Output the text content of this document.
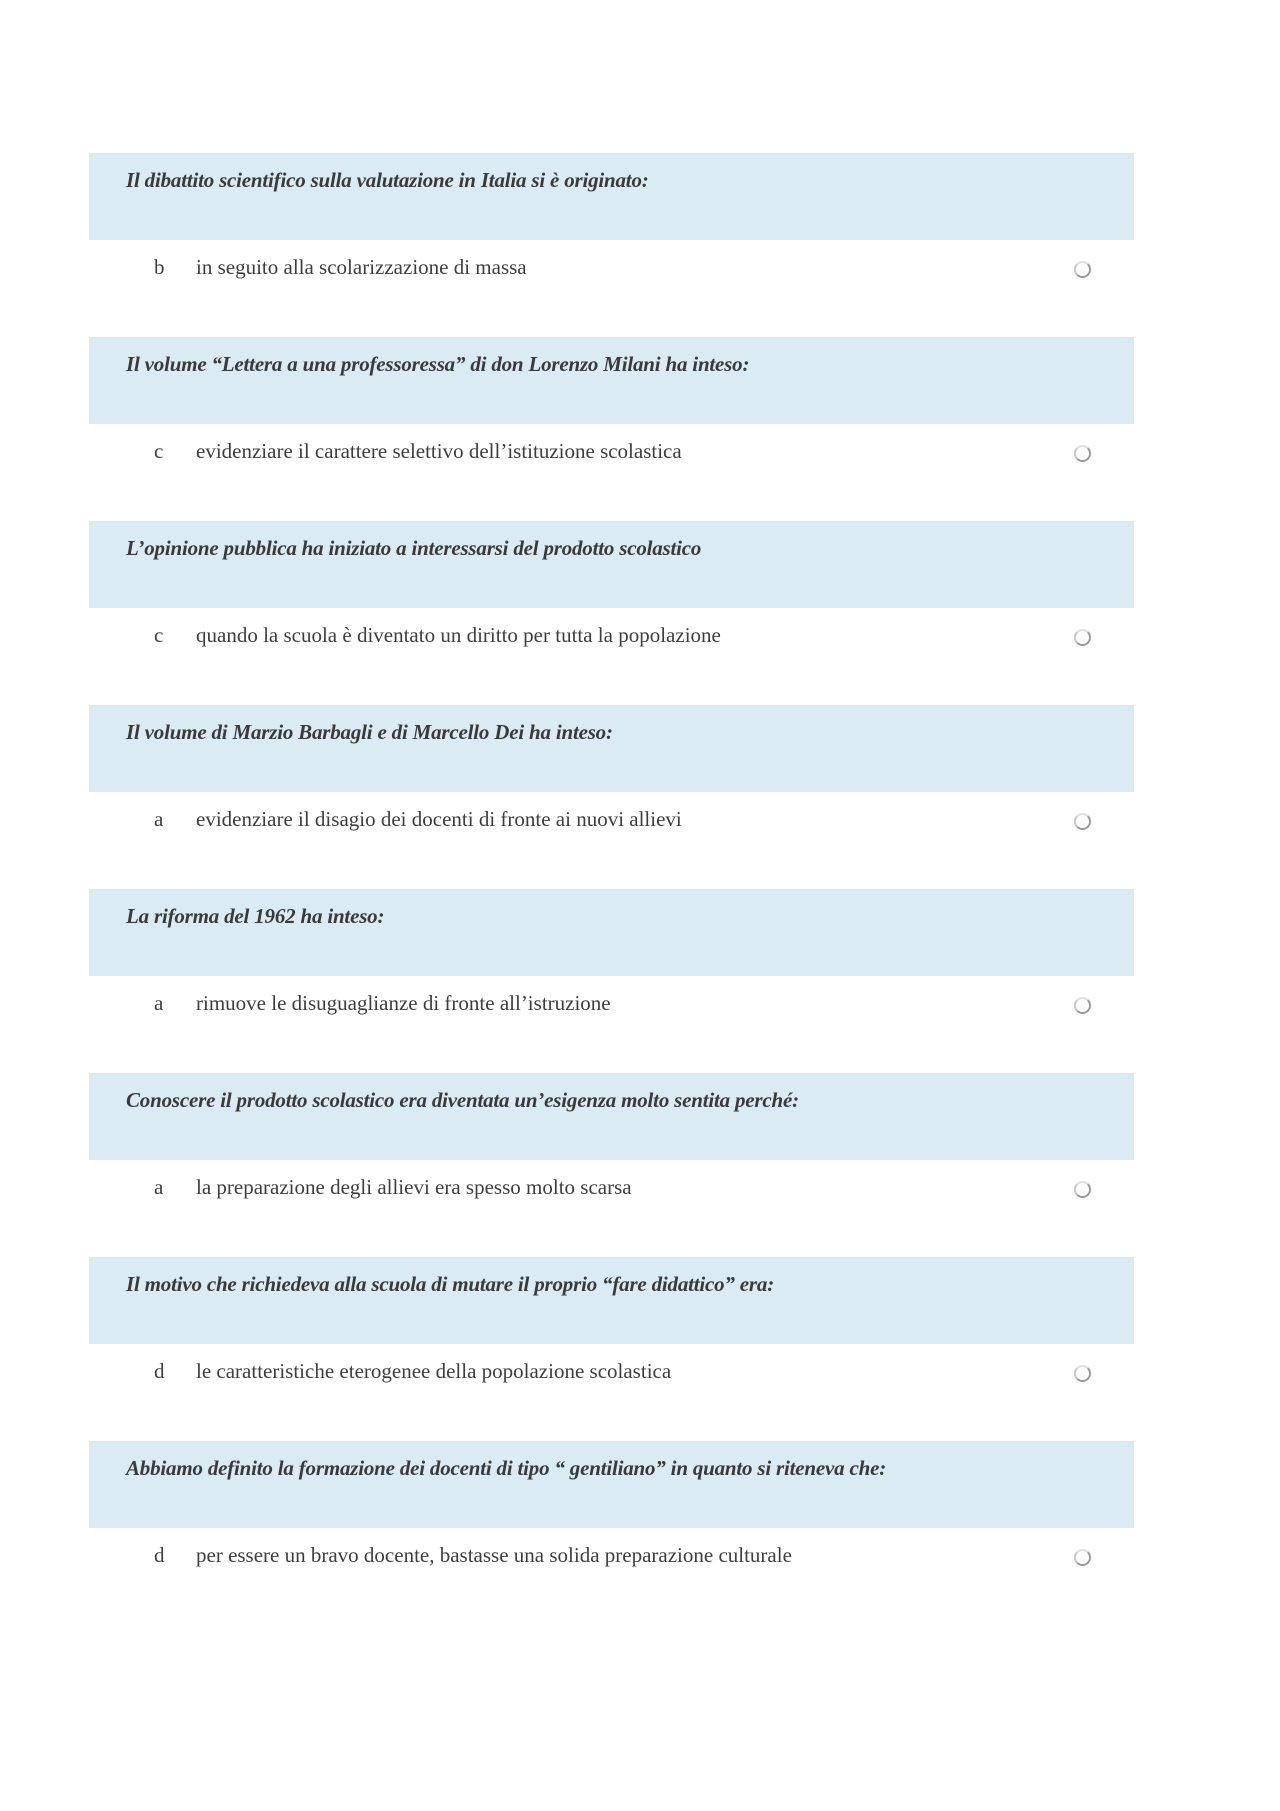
Il dibattito scientifico sulla valutazione in Italia si è originato:
b in seguito alla scolarizzazione di massa
Il volume “Lettera a una professoressa” di don Lorenzo Milani ha inteso:
c evidenziare il carattere selettivo dell’istituzione scolastica
L’opinione pubblica ha iniziato a interessarsi del prodotto scolastico
c quando la scuola è diventato un diritto per tutta la popolazione
Il volume di Marzio Barbagli e di Marcello Dei ha inteso:
a evidenziare il disagio dei docenti di fronte ai nuovi allievi
La riforma del 1962 ha inteso:
a rimuove le disuguaglianze di fronte all’istruzione
Conoscere il prodotto scolastico era diventata un’esigenza molto sentita perché:
a la preparazione degli allievi era spesso molto scarsa
Il motivo che richiedeva alla scuola di mutare il proprio “fare didattico” era:
d le caratteristiche eterogenee della popolazione scolastica
Abbiamo definito la formazione dei docenti di tipo “ gentiliano” in quanto si riteneva che:
d per essere un bravo docente, bastasse una solida preparazione culturale
